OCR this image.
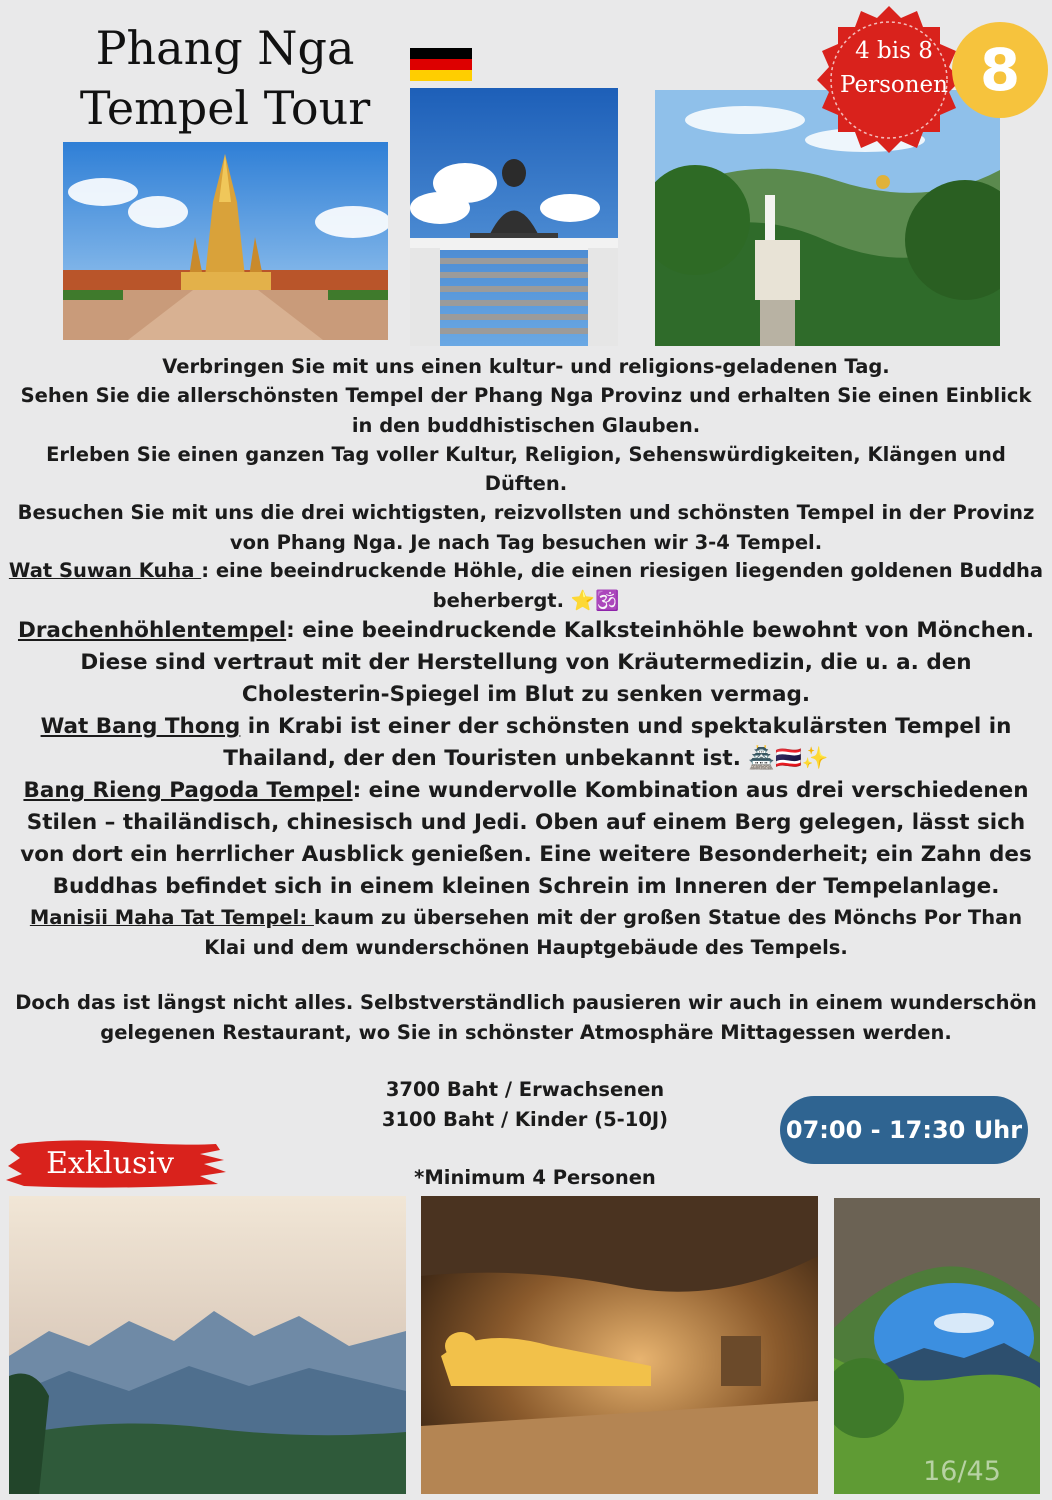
Phang Nga
Tempel Tour
4 bis 8
Personen 8

Verbringen Sie mit uns einen kultur- und religions-geladenen Tag.

Sehen Sie die allerschönsten Tempel der Phang Nga Provinz und erhalten Sie einen Einblick in den buddhistischen Glauben.

Erleben Sie einen ganzen Tag voller Kultur, Religion, Sehenswürdigkeiten, Klängen und Düften.

Besuchen Sie mit uns die drei wichtigsten, reizvollsten und schönsten Tempel in der Provinz von Phang Nga. Je nach Tag besuchen wir 3-4 Tempel.

Wat Suwan Kuha : eine beeindruckende Höhle, die einen riesigen liegenden goldenen Buddha beherbergt. ⭐🕉️

Drachenhöhlentempel: eine beeindruckende Kalksteinhöhle bewohnt von Mönchen. Diese sind vertraut mit der Herstellung von Kräutermedizin, die u. a. den Cholesterin-Spiegel im Blut zu senken vermag.

Wat Bang Thong in Krabi ist einer der schönsten und spektakulärsten Tempel in Thailand, der den Touristen unbekannt ist. 🏯🇹🇭✨

Bang Rieng Pagoda Tempel: eine wundervolle Kombination aus drei verschiedenen Stilen – thailändisch, chinesisch und Jedi. Oben auf einem Berg gelegen, lässt sich von dort ein herrlicher Ausblick genießen. Eine weitere Besonderheit; ein Zahn des Buddhas befindet sich in einem kleinen Schrein im Inneren der Tempelanlage.

Manisii Maha Tat Tempel: kaum zu übersehen mit der großen Statue des Mönchs Por Than Klai und dem wunderschönen Hauptgebäude des Tempels.

Doch das ist längst nicht alles. Selbstverständlich pausieren wir auch in einem wunderschön gelegenen Restaurant, wo Sie in schönster Atmosphäre Mittagessen werden.

3700 Baht / Erwachsenen

3100 Baht / Kinder (5-10J)

*Minimum 4 Personen
07:00 - 17:30 Uhr
Exklusiv
16/45
